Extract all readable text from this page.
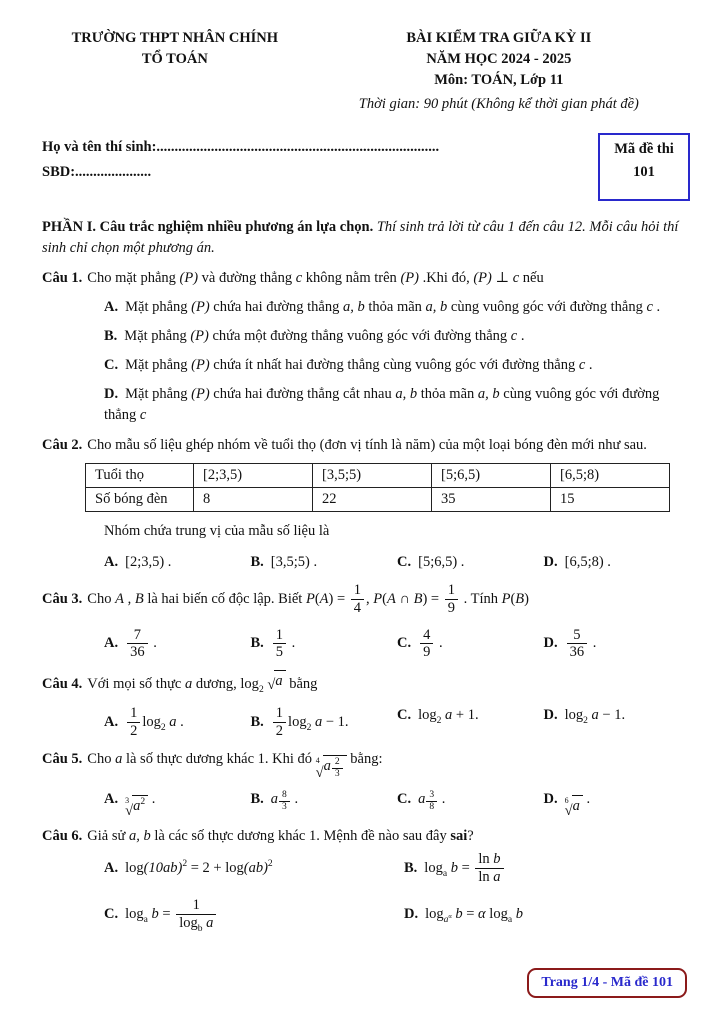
TRƯỜNG THPT NHÂN CHÍNH
TỔ TOÁN
BÀI KIỂM TRA GIỮA KỲ II
NĂM HỌC 2024 - 2025
Môn: TOÁN, Lớp 11
Thời gian: 90 phút (Không kể thời gian phát đề)
Họ và tên thí sinh:..............................................................................
SBD:.....................
Mã đề thi
101

PHẦN I. Câu trắc nghiệm nhiều phương án lựa chọn. Thí sinh trả lời từ câu 1 đến câu 12. Mỗi câu hỏi thí sinh chỉ chọn một phương án.

Câu 1. Cho mặt phẳng (P) và đường thẳng c không nằm trên (P) .Khi đó, (P) ⊥ c nếu
A. Mặt phẳng (P) chứa hai đường thẳng a, b thỏa mãn a, b cùng vuông góc với đường thẳng c .
B. Mặt phẳng (P) chứa một đường thẳng vuông góc với đường thẳng c .
C. Mặt phẳng (P) chứa ít nhất hai đường thẳng cùng vuông góc với đường thẳng c .
D. Mặt phẳng (P) chứa hai đường thẳng cắt nhau a, b thỏa mãn a, b cùng vuông góc với đường thẳng c
Câu 2. Cho mẫu số liệu ghép nhóm về tuổi thọ (đơn vị tính là năm) của một loại bóng đèn mới như sau.
Tuổi thọ	[2;3,5)	[3,5;5)	[5;6,5)	[6,5;8)
Số bóng đèn	8	22	35	15
Nhóm chứa trung vị của mẫu số liệu là
A. [2;3,5) .	B. [3,5;5) .	C. [5;6,5) .	D. [6,5;8) .
Câu 3. Cho A , B là hai biến cố độc lập. Biết $P(A) = \frac{1}{4}$ , P(A ∩ $B) = \frac{1}{9}$ . Tính P(B)
A. $\frac{7}{36}$ .	B. $\frac{1}{5}$ .	C. $\frac{4}{9}$ .	D. $\frac{5}{36}$ .
Câu 4. Với mọi số thực a dương, $\log_2$ √ a bằng
A. $\frac{1}{2} \log_2 a$ .	B. $\frac{1}{2} \log_2 a - 1$.	C. $\log_2 a + 1$.	D. $\log_2 a - 1$.
Câu 5. Cho a là số thực dương khác 1. Khi đó 4
√ a $^{\frac{2}{3}}$ bằng:
A. 3
√ $a^2$ .	B. a $^{\frac{8}{3}}$ .	C. a $^{\frac{3}{8}}$ .	D. 6
√ a .
Câu 6. Giả sử a, b là các số thực dương khác 1. Mệnh đề nào sau đây sai?
A. $\log(10ab)^2 = 2 + \log(ab)^2$	B. $\log_a b = \frac{\text{ln b}}{\text{ln a}}$
C. $\log_a b = \frac{1}{\log_b a}$	D. $\log_{a^\alpha} b = \alpha$ $\log_a b$
Trang 1/4 - Mã đề 101
